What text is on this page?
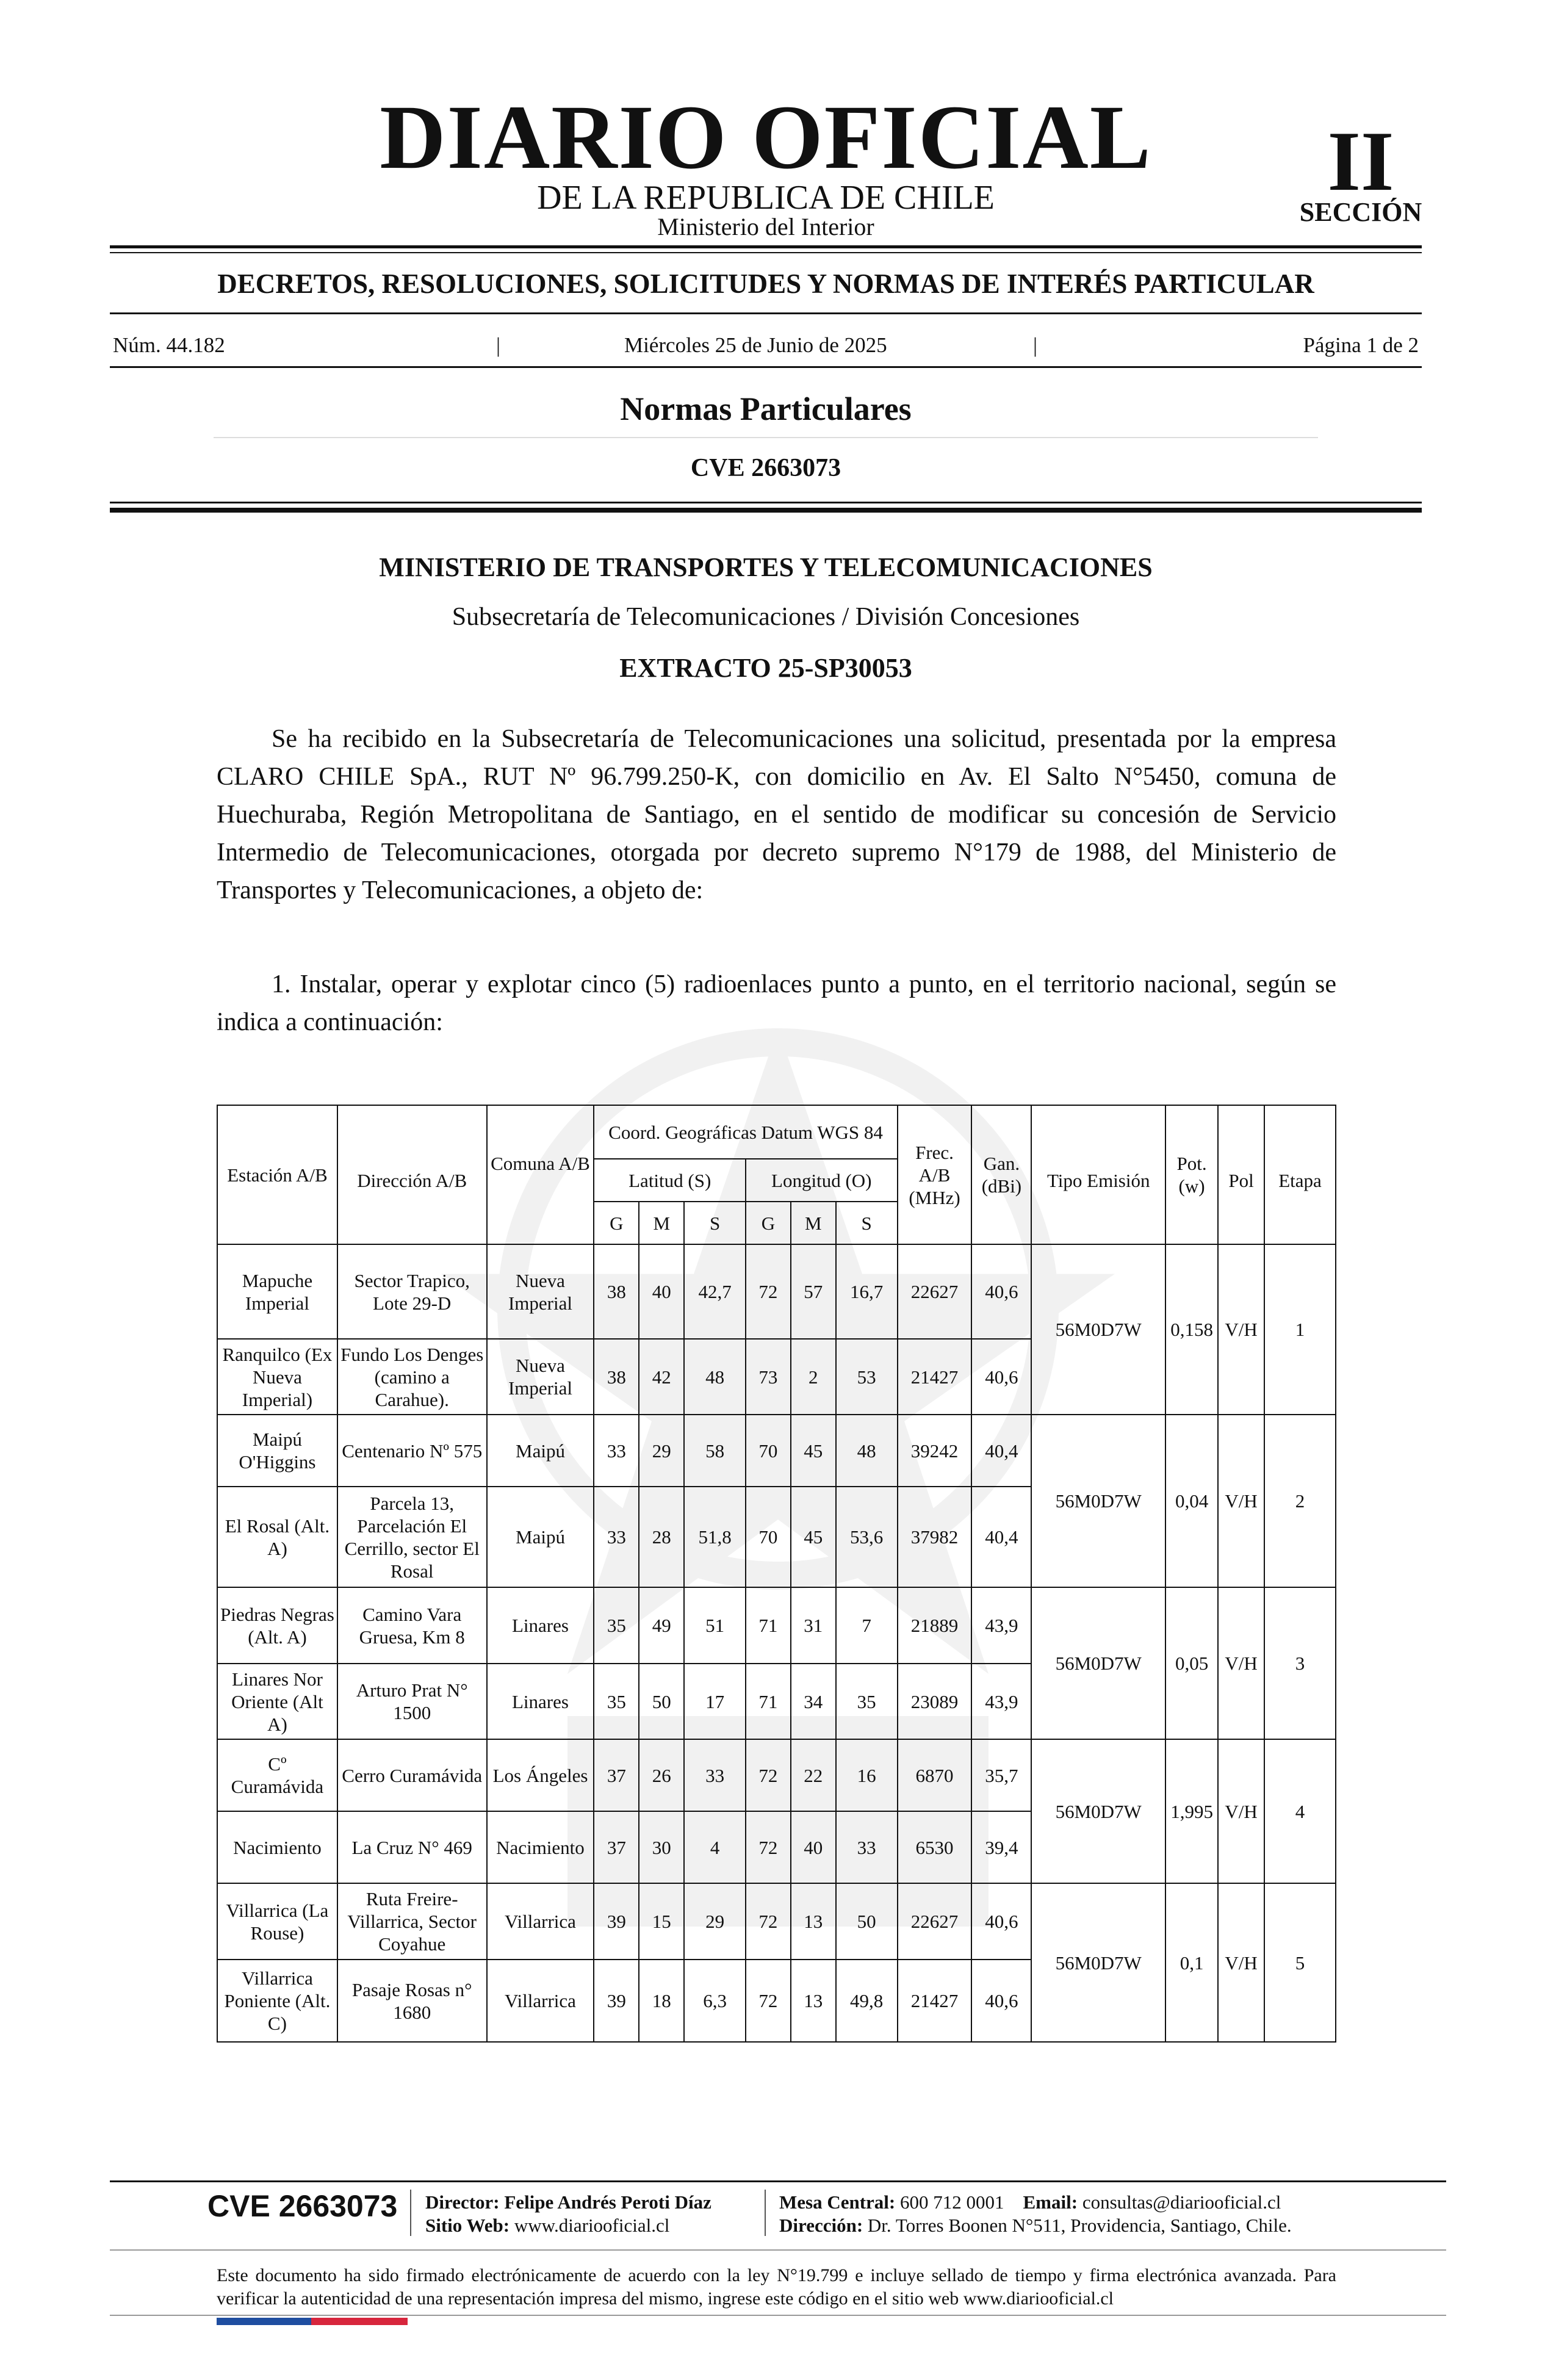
DIARIO OFICIAL
DE LA REPUBLICA DE CHILE
Ministerio del Interior
II
SECCIÓN
DECRETOS, RESOLUCIONES, SOLICITUDES Y NORMAS DE INTERÉS PARTICULAR
Núm. 44.182	|	Miércoles 25 de Junio de 2025	|	Página 1 de 2
Normas Particulares
CVE 2663073
MINISTERIO DE TRANSPORTES Y TELECOMUNICACIONES
Subsecretaría de Telecomunicaciones / División Concesiones
EXTRACTO 25-SP30053

Se ha recibido en la Subsecretaría de Telecomunicaciones una solicitud, presentada por la empresa CLARO CHILE SpA., RUT Nº 96.799.250-K, con domicilio en Av. El Salto N°5450, comuna de Huechuraba, Región Metropolitana de Santiago, en el sentido de modificar su concesión de Servicio Intermedio de Telecomunicaciones, otorgada por decreto supremo N°179 de 1988, del Ministerio de Transportes y Telecomunicaciones, a objeto de:

1. Instalar, operar y explotar cinco (5) radioenlaces punto a punto, en el territorio nacional, según se indica a continuación:

Estación A/B	Dirección A/B	Comuna A/B	Coord. Geográficas Datum WGS 84						Frec. A/B (MHz)	Gan. (dBi)	Tipo Emisión	Pot. (w)	Pol	Etapa
			Latitud (S)			Longitud (O)								
			G	M	S	G	M	S						
Mapuche Imperial	Sector Trapico, Lote 29-D	Nueva Imperial	38	40	42,7	72	57	16,7	22627	40,6	56M0D7W	0,158	V/H	1
Ranquilco (Ex Nueva Imperial)	Fundo Los Denges (camino a Carahue).	Nueva Imperial	38	42	48	73	2	53	21427	40,6				
Maipú O'Higgins	Centenario Nº 575	Maipú	33	29	58	70	45	48	39242	40,4	56M0D7W	0,04	V/H	2
El Rosal (Alt. A)	Parcela 13, Parcelación El Cerrillo, sector El Rosal	Maipú	33	28	51,8	70	45	53,6	37982	40,4				
Piedras Negras (Alt. A)	Camino Vara Gruesa, Km 8	Linares	35	49	51	71	31	7	21889	43,9	56M0D7W	0,05	V/H	3
Linares Nor Oriente (Alt A)	Arturo Prat N° 1500	Linares	35	50	17	71	34	35	23089	43,9				
Cº Curamávida	Cerro Curamávida	Los Ángeles	37	26	33	72	22	16	6870	35,7	56M0D7W	1,995	V/H	4
Nacimiento	La Cruz N° 469	Nacimiento	37	30	4	72	40	33	6530	39,4				
Villarrica (La Rouse)	Ruta Freire-Villarrica, Sector Coyahue	Villarrica	39	15	29	72	13	50	22627	40,6	56M0D7W	0,1	V/H	5
Villarrica Poniente (Alt. C)	Pasaje Rosas n° 1680	Villarrica	39	18	6,3	72	13	49,8	21427	40,6				
CVE 2663073 Director: Felipe Andrés Peroti Díaz
Sitio Web: www.diariooficial.cl
Mesa Central: 600 712 0001 Email: consultas@diariooficial.cl
Dirección: Dr. Torres Boonen N°511, Providencia, Santiago, Chile.
Este documento ha sido firmado electrónicamente de acuerdo con la ley N°19.799 e incluye sellado de tiempo y firma electrónica avanzada. Para verificar la autenticidad de una representación impresa del mismo, ingrese este código en el sitio web www.diariooficial.cl
